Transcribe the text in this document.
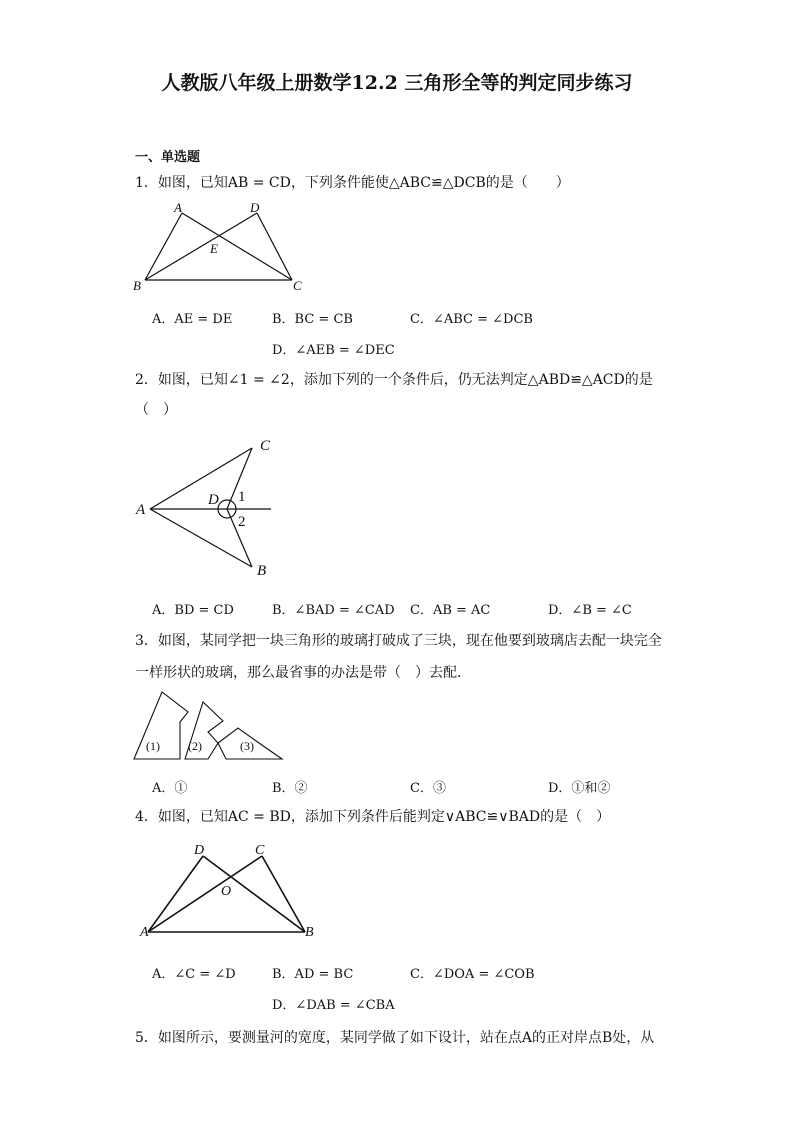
人教版八年级上册数学12.2 三角形全等的判定同步练习
一、单选题
1．如图，已知AB = CD，下列条件能使△ABC≌△DCB的是（　　）
A	D
E
B	C
A．AE = DE	B．BC = CB	C．∠ABC = ∠DCB
D．∠AEB = ∠DEC
2．如图，已知∠1 = ∠2，添加下列的一个条件后，仍无法判定△ABD≌△ACD的是
（　）
C
A
D 1
2
B
A．BD = CD	B．∠BAD = ∠CAD C．AB = AC	D．∠B = ∠C
3．如图，某同学把一块三角形的玻璃打破成了三块，现在他要到玻璃店去配一块完全
一样形状的玻璃，那么最省事的办法是带（　）去配．
(1) (2)	(3)
A．①	B．②	C．③	D．①和②
4．如图，已知AC = BD，添加下列条件后能判定∨ABC≌∨BAD的是（　）
D	C
O
A	B
A．∠C = ∠D	B．AD = BC	C．∠DOA = ∠COB
D．∠DAB = ∠CBA
5．如图所示，要测量河的宽度，某同学做了如下设计，站在点A的正对岸点B处，从
